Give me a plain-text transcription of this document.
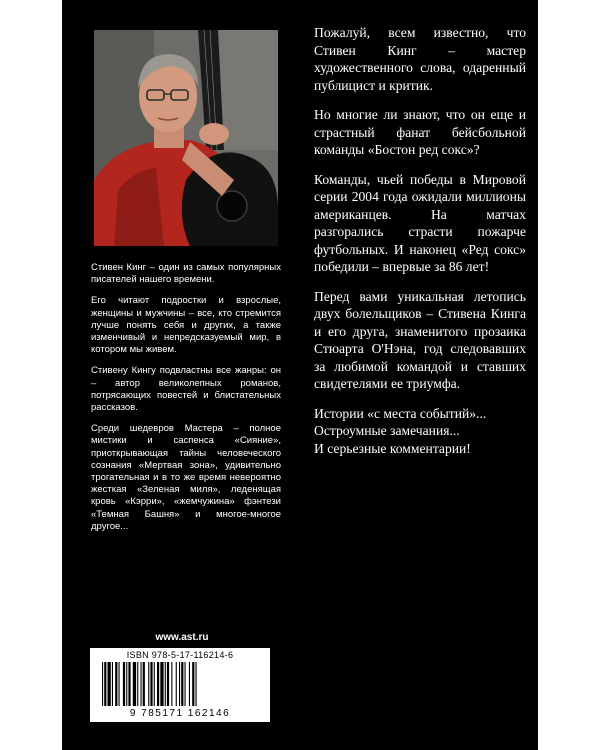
Стивен Кинг – один из самых популярных писателей нашего времени.

Его читают подростки и взрослые, женщины и мужчины – все, кто стремится лучше понять себя и других, а также изменчивый и непредсказуемый мир, в котором мы живем.

Стивену Кингу подвластны все жанры: он – автор великолепных романов, потрясающих повестей и блистательных рассказов.

Среди шедевров Мастера – полное мистики и саспенса «Сияние», приоткрывающая тайны человеческого сознания «Мертвая зона», удивительно трогательная и в то же время невероятно жесткая «Зеленая миля», леденящая кровь «Кэрри», «жемчужина» фэнтези «Темная Башня» и многое-многое другое...

Пожалуй, всем известно, что Стивен Кинг – мастер художественного слова, одаренный публицист и критик.

Но многие ли знают, что он еще и страстный фанат бейсбольной команды «Бостон ред сокс»?

Команды, чьей победы в Мировой серии 2004 года ожидали миллионы американцев. На матчах разгорались страсти пожарче футбольных. И наконец «Ред сокс» победили – впервые за 86 лет!

Перед вами уникальная летопись двух болельщиков – Стивена Кинга и его друга, знаменитого прозаика Стюарта О'Нэна, год следовавших за любимой командой и ставших свидетелями ее триумфа.

Истории «с места событий»...
Остроумные замечания...
И серьезные комментарии!

www.ast.ru
ISBN 978-5-17-116214-6
9 785171 162146
